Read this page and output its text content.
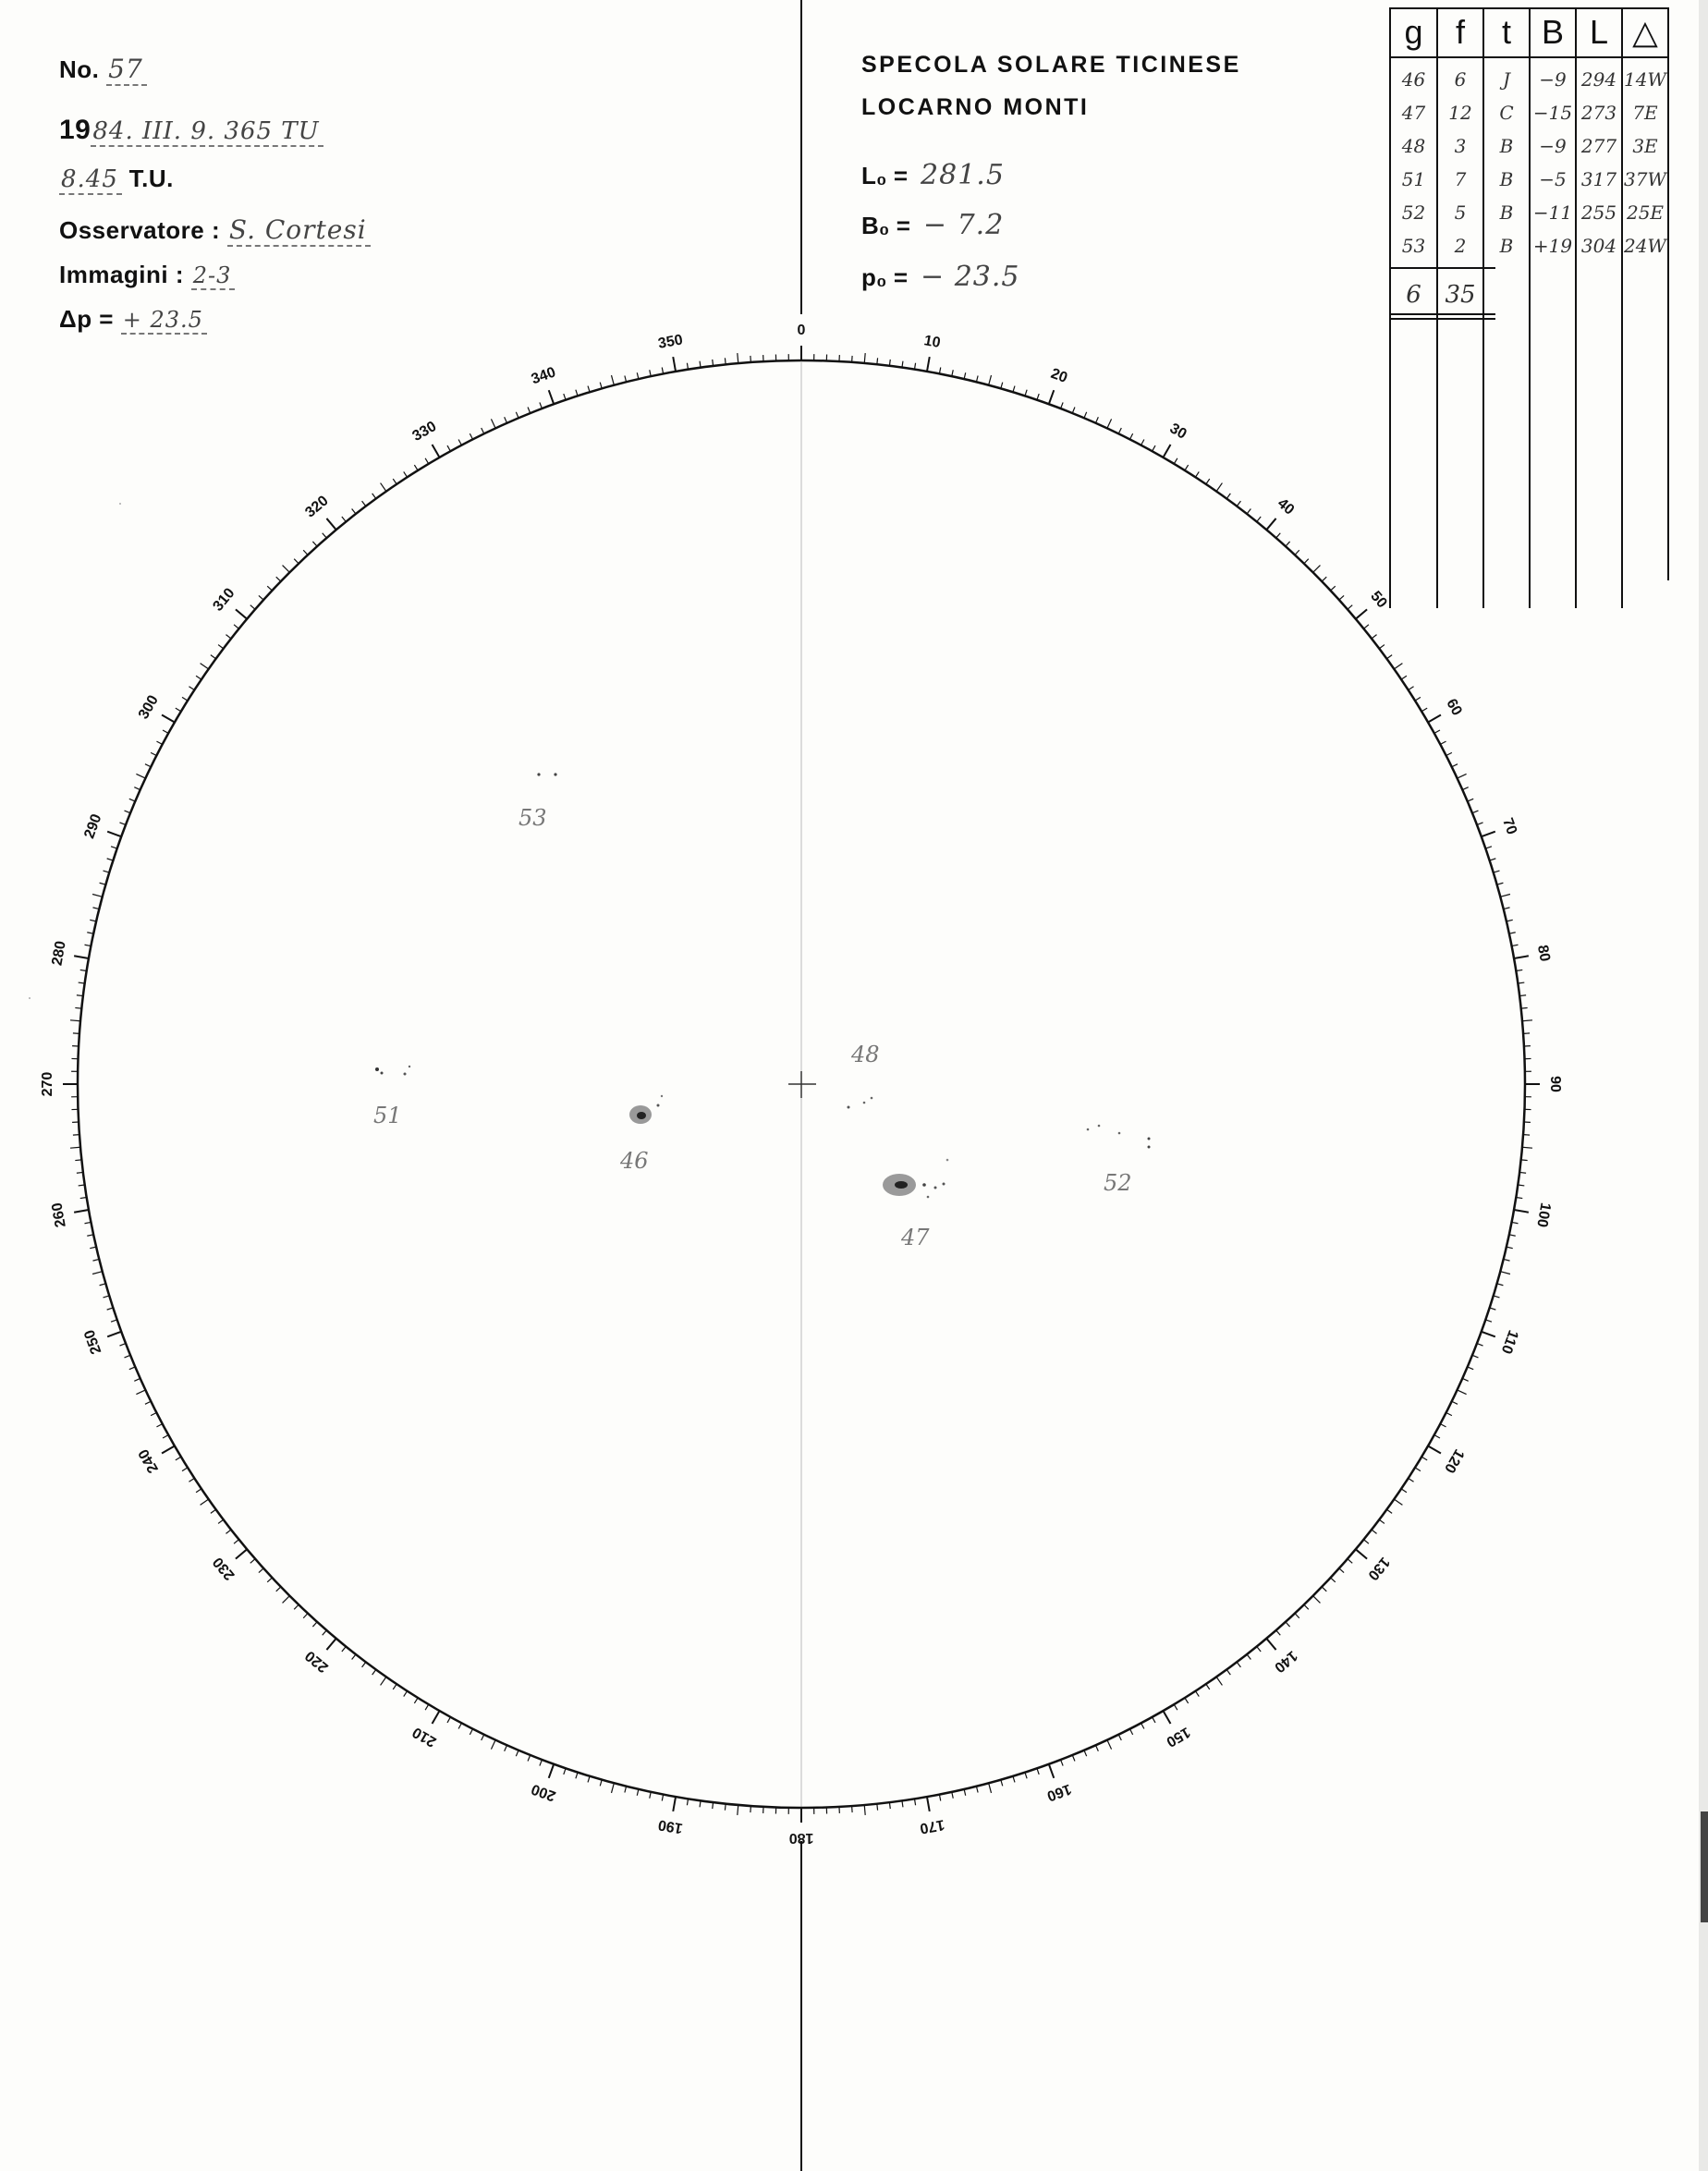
No. 57
1984. III. 9. 365 TU
8.45 T.U.
Osservatore : S. Cortesi
Immagini : 2-3
Δp = + 23.5
SPECOLA SOLARE TICINESE
LOCARNO MONTI
L₀ = 281.5
B₀ = − 7.2
p₀ = − 23.5
g f	t B L △
46	6	J	−9 294 14W
47	12	C	−15 273 7E
48	3	B	−9 277 3E
51	7	B	−5 317 37W
52	5	B	−11 255 25E
53	2	B	+19 304 24W
6 35
0
10
20
30
40
50
60
70
80
90
100
110
120
130
140
150
160
170
180
190
200
210
220
230
240
250
260
270
280
290
300
310
320
330
340
350
46
47
48
51
52
53
